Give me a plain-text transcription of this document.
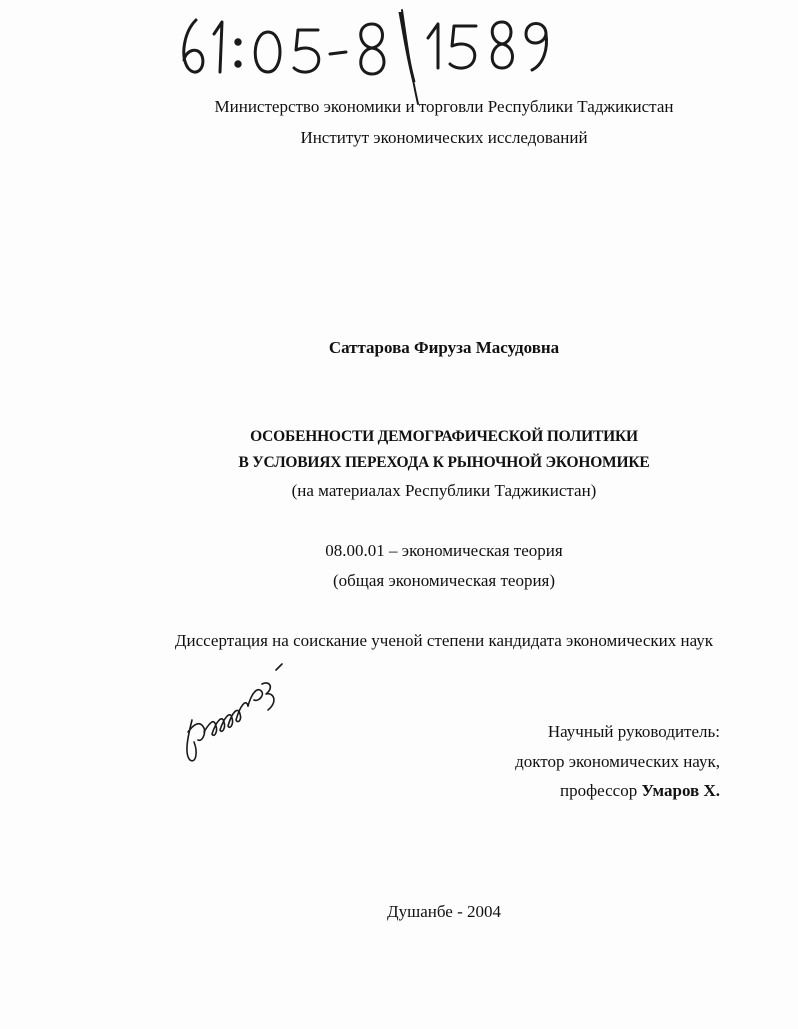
Министерство экономики и торговли Республики Таджикистан
Институт экономических исследований
Саттарова Фируза Масудовна
ОСОБЕННОСТИ ДЕМОГРАФИЧЕСКОЙ ПОЛИТИКИ
В УСЛОВИЯХ ПЕРЕХОДА К РЫНОЧНОЙ ЭКОНОМИКЕ
(на материалах Республики Таджикистан)
08.00.01 – экономическая теория
(общая экономическая теория)
Диссертация на соискание ученой степени кандидата экономических наук
Научный руководитель:
доктор экономических наук,
профессор Умаров Х.
Душанбе - 2004
